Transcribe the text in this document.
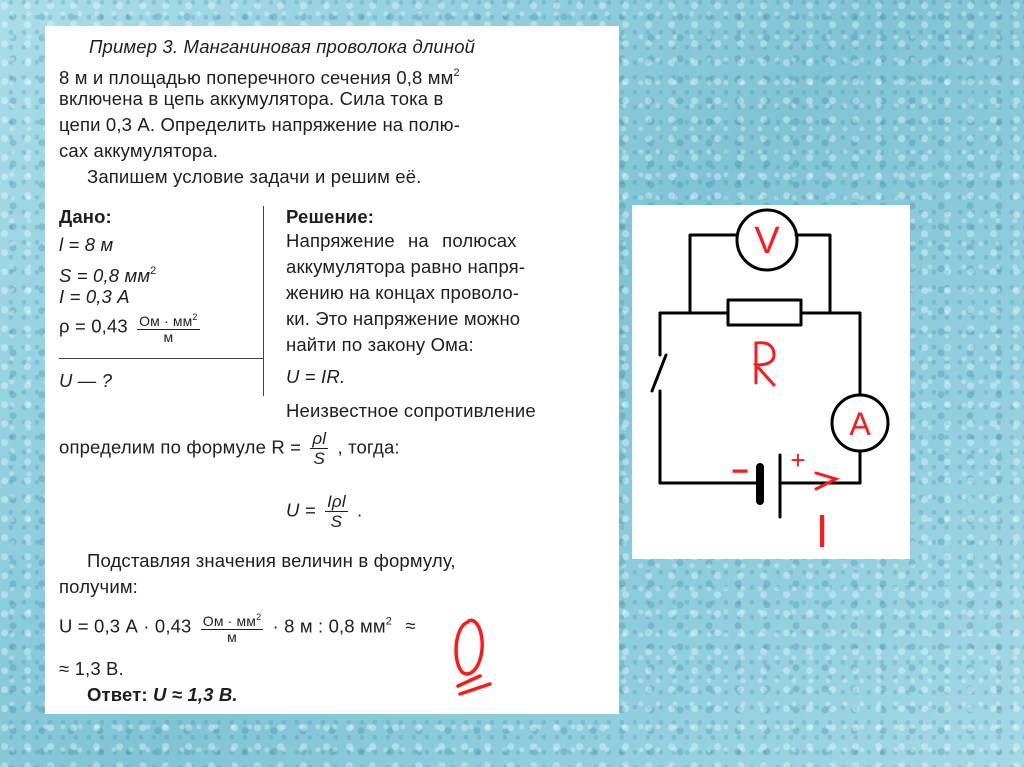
Пример 3. Манганиновая проволока длиной
8 м и площадью поперечного сечения 0,8 $мм^2$
включена в цепь аккумулятора. Сила тока в
цепи 0,3 А. Определить напряжение на полю-
сах аккумулятора.
Запишем условие задачи и решим её.
Дано:
l = 8 м
S = 0,8 $мм^2$
I = 0,3 А
$\rho = 0,43 \frac{Ом \cdot мм^2}{м}$
U — ?
Решение:
Напряжение на полюсах
аккумулятора равно напря-
жению на концах проволо-
ки. Это напряжение можно
найти по закону Ома:
U = IR.
Неизвестное сопротивление
определим по формуле $R = \frac{\rho l}{S}$ , тогда:
$U = \frac{\text{Iρl}}{S}$ .
Подставляя значения величин в формулу,
получим:
U = 0,3 $А \cdot 0,43 \frac{Ом \cdot мм^2}{м} \cdot 8$ м : 0,8 $мм^2$ ≈
≈ 1,3 В.
Ответ: U ≈ 1,3 В.
V
A
− +
I
R
